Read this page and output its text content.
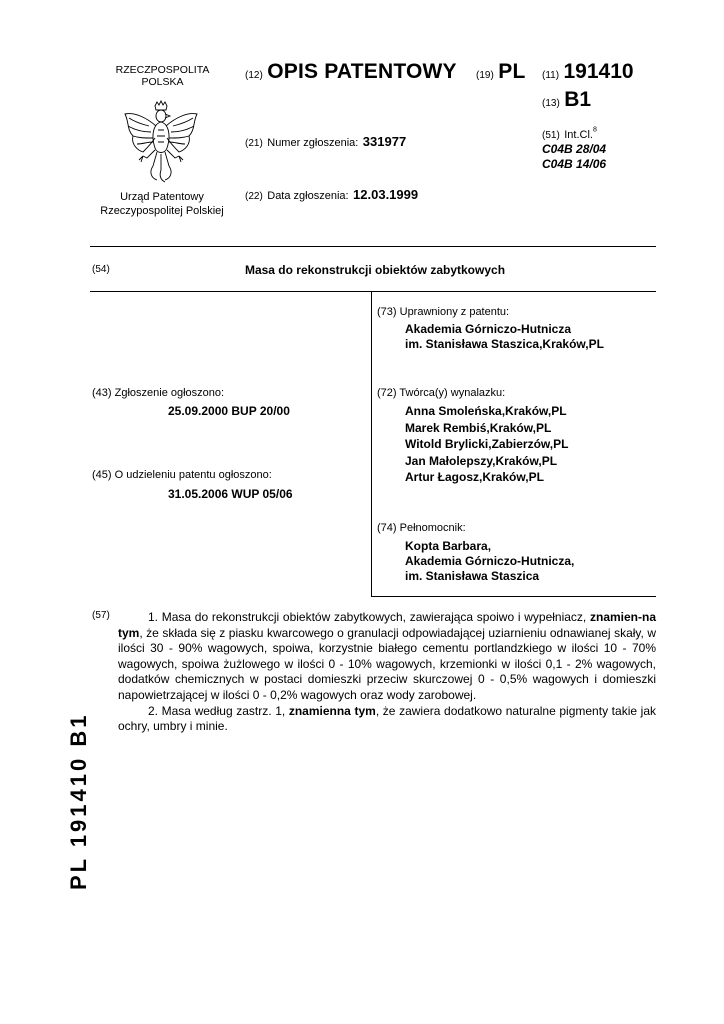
RZECZPOSPOLITA
POLSKA
Urząd Patentowy
Rzeczypospolitej Polskiej
(12) OPIS PATENTOWY (19) PL (11) 191410
(13) B1
(21) Numer zgłoszenia: 331977	(51) Int.Cl.$^8$
C04B 28/04
C04B 14/06
(22) Data zgłoszenia: 12.03.1999
(54)	Masa do rekonstrukcji obiektów zabytkowych
(43) Zgłoszenie ogłoszono:
25.09.2000 BUP 20/00
(45) O udzieleniu patentu ogłoszono:
31.05.2006 WUP 05/06
(73) Uprawniony z patentu:
Akademia Górniczo-Hutnicza
im. Stanisława Staszica,Kraków,PL
(72) Twórca(y) wynalazku:
Anna Smoleńska,Kraków,PL
Marek Rembiś,Kraków,PL
Witold Brylicki,Zabierzów,PL
Jan Małolepszy,Kraków,PL
Artur Łagosz,Kraków,PL
(74) Pełnomocnik:
Kopta Barbara,
Akademia Górniczo-Hutnicza,
im. Stanisława Staszica
(57)	1. Masa do rekonstrukcji obiektów zabytkowych, zawierająca spoiwo i wypełniacz, znamien-na tym, że składa się z piasku kwarcowego o granulacji odpowiadającej uziarnieniu odnawianej skały, w ilości 30 - 90% wagowych, spoiwa, korzystnie białego cementu portlandzkiego w ilości 10 - 70% wagowych, spoiwa żużlowego w ilości 0 - 10% wagowych, krzemionki w ilości 0,1 - 2% wagowych, dodatków chemicznych w postaci domieszki przeciw skurczowej 0 - 0,5% wagowych i domieszki napowietrzającej w ilości 0 - 0,2% wagowych oraz wody zarobowej.

2. Masa według zastrz. 1, znamienna tym, że zawiera dodatkowo naturalne pigmenty takie jak ochry, umbry i minie.

PL 191410 B1
